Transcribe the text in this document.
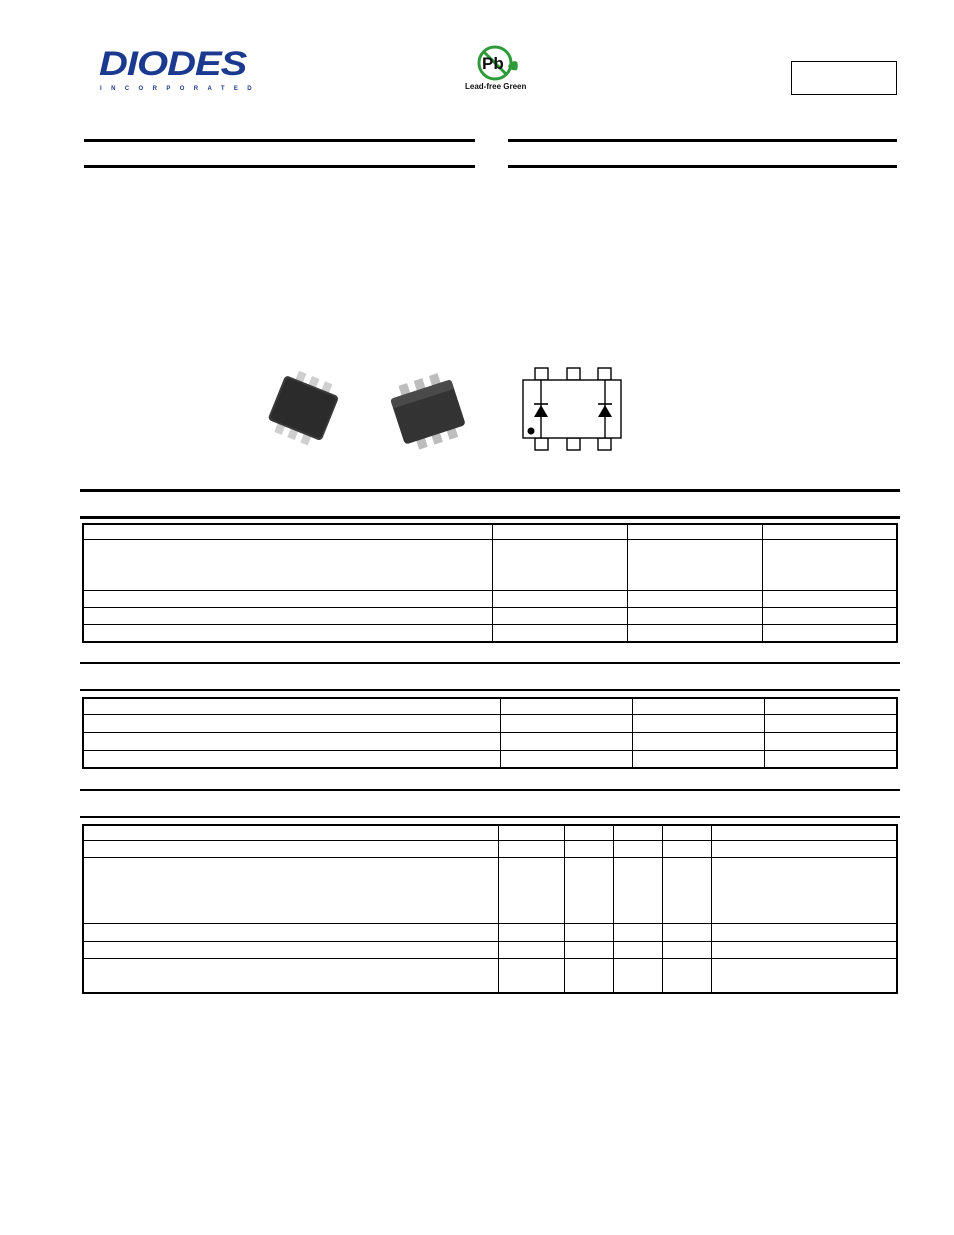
DIODES
INCORPORATED
Pb
Lead-free Green
